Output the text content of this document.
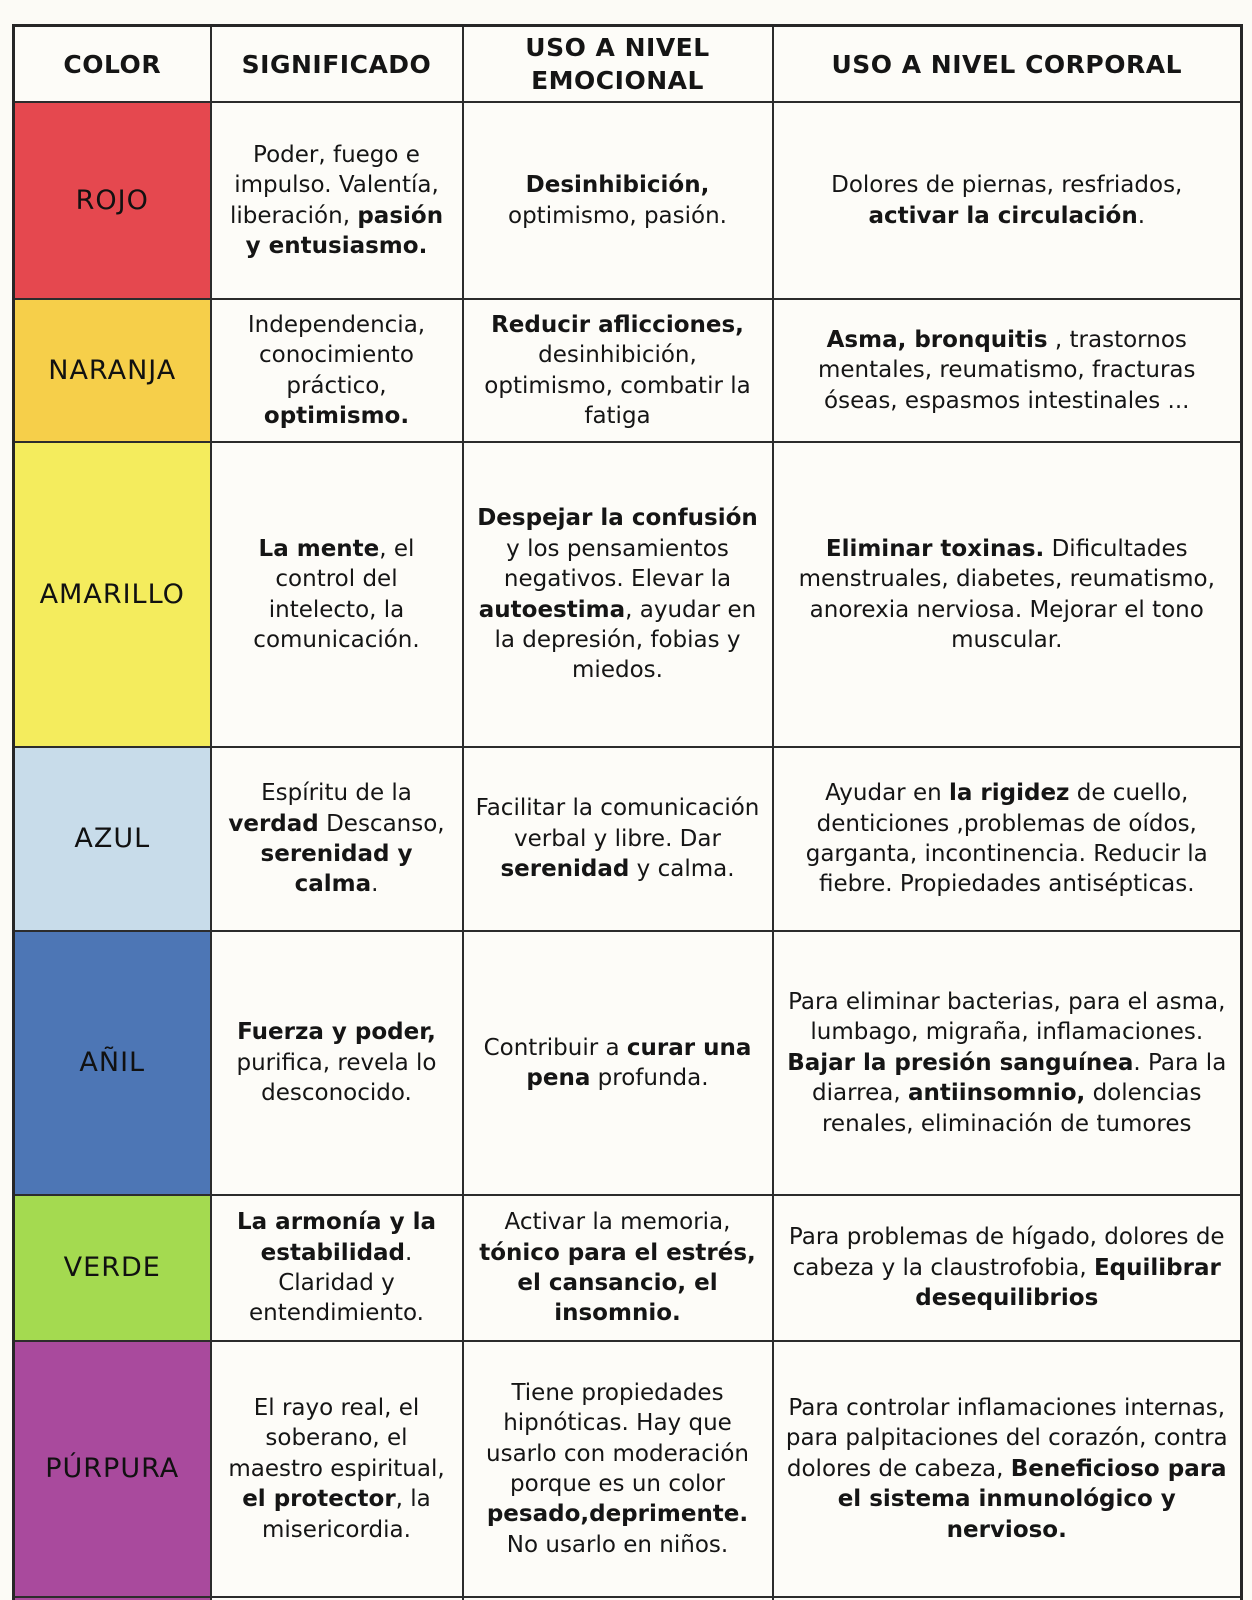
COLOR	SIGNIFICADO	USO A NIVEL EMOCIONAL	USO A NIVEL CORPORAL
ROJO	Poder, fuego e impulso. Valentía, liberación, pasión y entusiasmo.	Desinhibición, optimismo, pasión.	Dolores de piernas, resfriados, activar la circulación.
NARANJA	Independencia, conocimiento práctico, optimismo.	Reducir aflicciones, desinhibición, optimismo, combatir la fatiga	Asma, bronquitis , trastornos mentales, reumatismo, fracturas óseas, espasmos intestinales ...
AMARILLO	La mente, el control del intelecto, la comunicación.	Despejar la confusión y los pensamientos negativos. Elevar la autoestima, ayudar en la depresión, fobias y miedos.	Eliminar toxinas. Dificultades menstruales, diabetes, reumatismo, anorexia nerviosa. Mejorar el tono muscular.
AZUL	Espíritu de la verdad Descanso, serenidad y calma.	Facilitar la comunicación verbal y libre. Dar serenidad y calma.	Ayudar en la rigidez de cuello, denticiones ,problemas de oídos, garganta, incontinencia. Reducir la fiebre. Propiedades antisépticas.
AÑIL	Fuerza y poder, purifica, revela lo desconocido.	Contribuir a curar una pena profunda.	Para eliminar bacterias, para el asma, lumbago, migraña, inflamaciones. Bajar la presión sanguínea. Para la diarrea, antiinsomnio, dolencias renales, eliminación de tumores
VERDE	La armonía y la estabilidad. Claridad y entendimiento.	Activar la memoria, tónico para el estrés, el cansancio, el insomnio.	Para problemas de hígado, dolores de cabeza y la claustrofobia, Equilibrar desequilibrios
PÚRPURA	El rayo real, el soberano, el maestro espiritual, el protector, la misericordia.	Tiene propiedades hipnóticas. Hay que usarlo con moderación porque es un color pesado,deprimente. No usarlo en niños.	Para controlar inflamaciones internas, para palpitaciones del corazón, contra dolores de cabeza, Beneficioso para el sistema inmunológico y nervioso.
